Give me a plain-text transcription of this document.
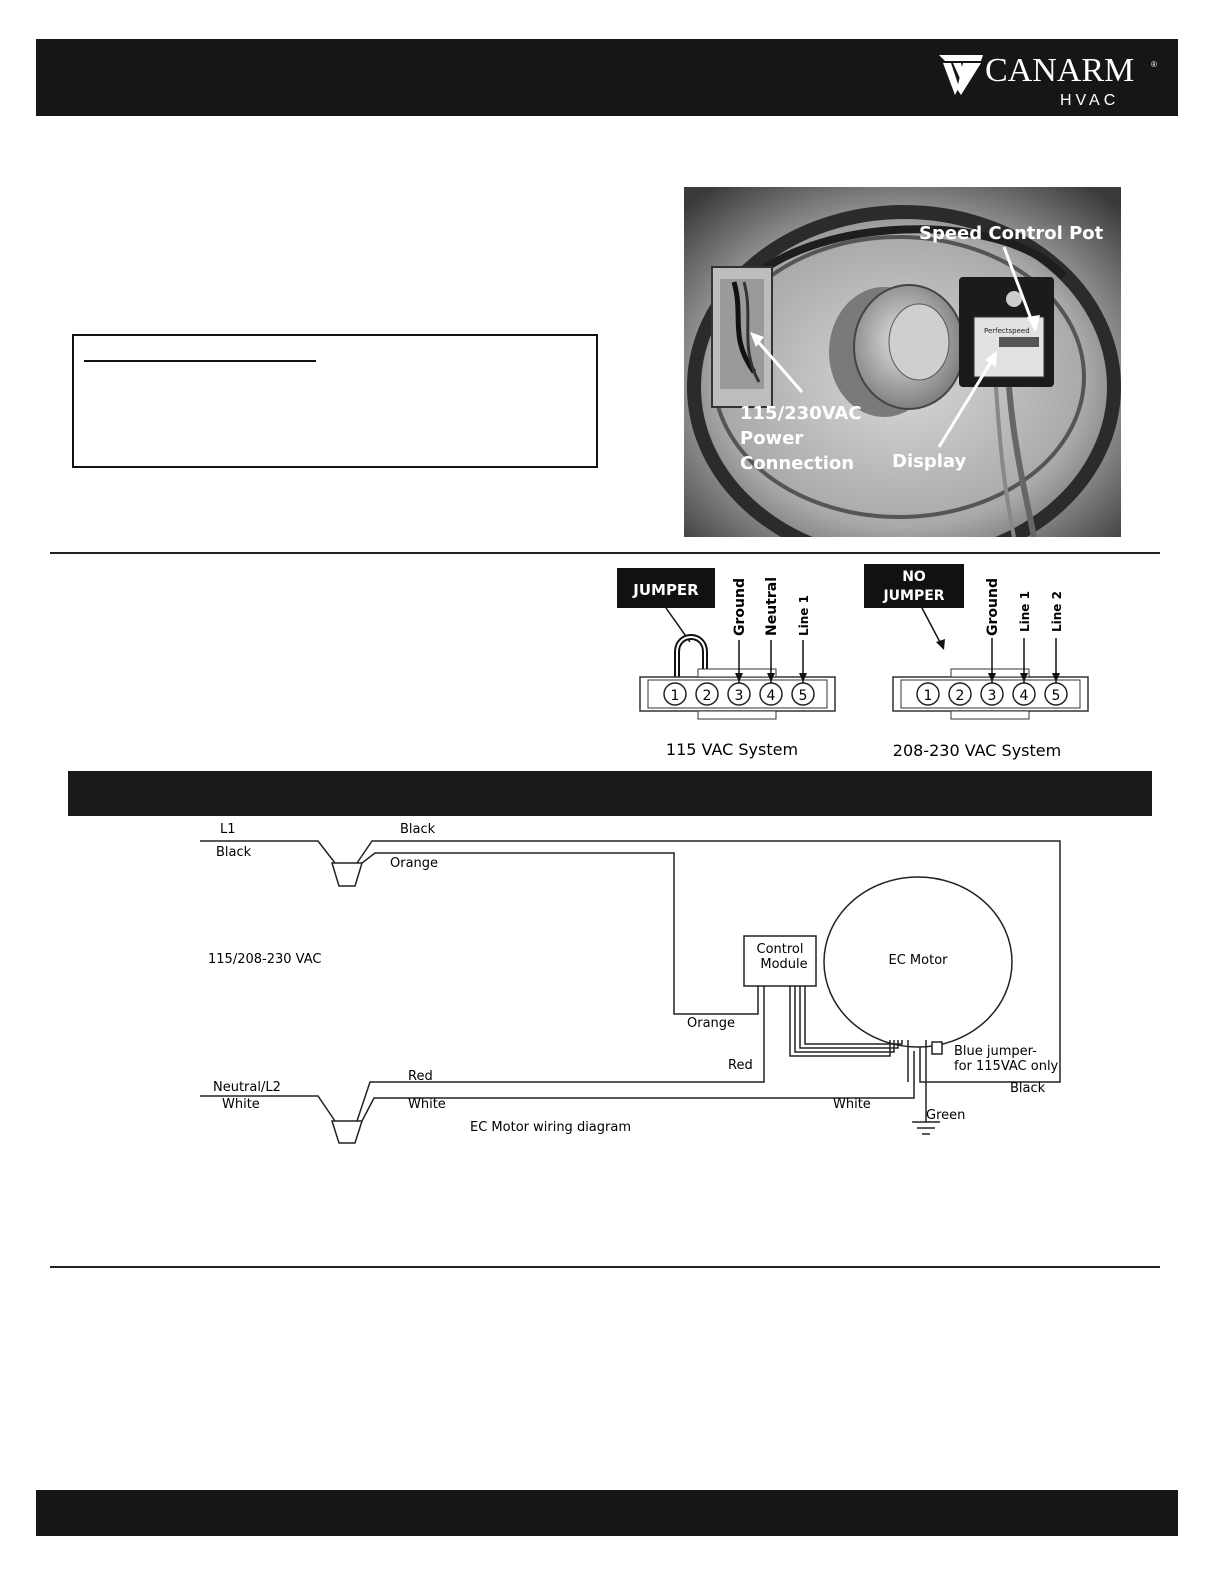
CANARM ®
HVAC
Speed Control Pot
115/230VAC
Power
Connection Display
Perfectspeed
JUMPER
1 2 3 4 5
Ground Neutral Line 1
115 VAC System
NO
JUMPER
1 2 3 4 5
Ground Line 1 Line 2
208-230 VAC System
L1
Black
Black
Orange
115/208-230 VAC
Control
Module	EC Motor
Orange
Red
Neutral/L2
White
Red
White	White
Blue jumper-
for 115VAC only
Black
Green
EC Motor wiring diagram
